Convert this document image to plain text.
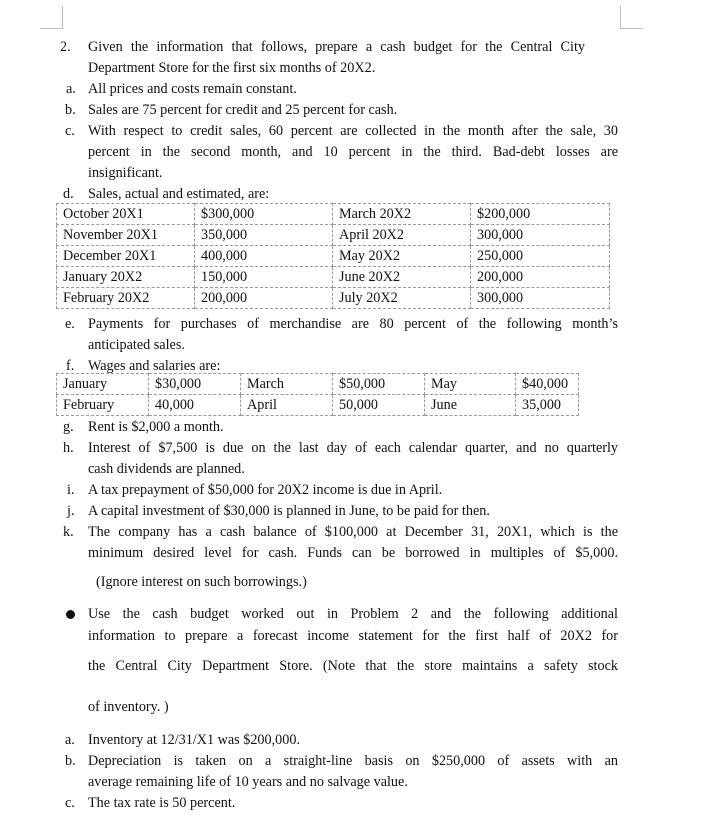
2. Given the information that follows, prepare a cash budget for the Central City
Department Store for the first six months of 20X2.
a. All prices and costs remain constant.
b. Sales are 75 percent for credit and 25 percent for cash.
c. With respect to credit sales, 60 percent are collected in the month after the sale, 30
percent in the second month, and 10 percent in the third. Bad-debt losses are
insignificant.
d. Sales, actual and estimated, are:
October 20X1	$300,000	March 20X2	$200,000
November 20X1	350,000	April 20X2	300,000
December 20X1	400,000	May 20X2	250,000
January 20X2	150,000	June 20X2	200,000
February 20X2	200,000	July 20X2	300,000
e. Payments for purchases of merchandise are 80 percent of the following month’s
anticipated sales.
f. Wages and salaries are:
January	$30,000	March	$50,000	May	$40,000
February	40,000	April	50,000	June	35,000
g. Rent is $2,000 a month.
h. Interest of $7,500 is due on the last day of each calendar quarter, and no quarterly
cash dividends are planned.
i. A tax prepayment of $50,000 for 20X2 income is due in April.
j. A capital investment of $30,000 is planned in June, to be paid for then.
k. The company has a cash balance of $100,000 at December 31, 20X1, which is the
minimum desired level for cash. Funds can be borrowed in multiples of $5,000.
(Ignore interest on such borrowings.)
Use the cash budget worked out in Problem 2 and the following additional
information to prepare a forecast income statement for the first half of 20X2 for
the Central City Department Store. (Note that the store maintains a safety stock
of inventory. )
a. Inventory at 12/31/X1 was $200,000.
b. Depreciation is taken on a straight-line basis on $250,000 of assets with an
average remaining life of 10 years and no salvage value.
c. The tax rate is 50 percent.
